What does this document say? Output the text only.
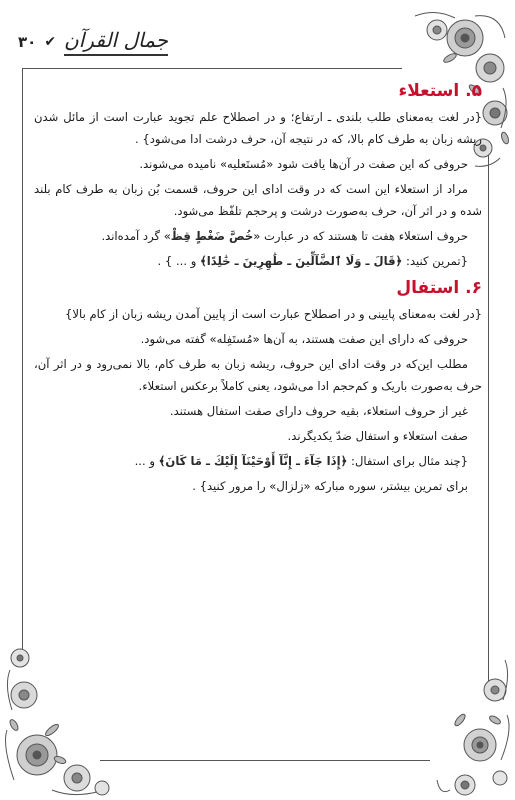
۳۰ ✔ جمال القرآن
۵. استعلاء

{در لغت به‌معنای طلب بلندی ـ ارتفاع؛ و در اصطلاح علم تجوید عبارت است از مائل شدن ریشه زبان به طرف کام بالا، که در نتیجه آن، حرف درشت ادا می‌شود} .

حروفی که این صفت در آن‌ها یافت شود «مُستَعلیه» نامیده می‌شوند.

مراد از استعلاء این است که در وقت ادای این حروف، قسمت بُن زبان به طرف کام بلند شده و در اثر آن، حرف به‌صورت درشت و پرحجم تلفّظ می‌شود.

حروف استعلاء هفت تا هستند که در عبارت «خُصَّ ضَغْطٍ قِظْ» گرد آمده‌اند.

{تمرین کنید: ﴿قَالَ ـ وَلَا ٱلضَّآلِّينَ ـ طَٰهِرِينَ ـ خَٰلِدًا﴾ و ... } .

۶. استفال

{در لغت به‌معنای پایینی و در اصطلاح عبارت است از پایین آمدن ریشه زبان از کام بالا}

حروفی که دارای این صفت هستند، به آن‌ها «مُستَفِله» گفته می‌شود.

مطلب این‌که در وقت ادای این حروف، ریشه زبان به طرف کام، بالا نمی‌رود و در اثر آن، حرف به‌صورت باریک و کم‌حجم ادا می‌شود، یعنی کاملاً برعکس استعلاء.

غیر از حروف استعلاء، بقیه حروف دارای صفت استفال هستند.

صفت استعلاء و استفال ضدّ یکدیگرند.

{چند مثال برای استفال: ﴿إِذَا جَآءَ ـ إِنَّآ أَوْحَيْنَآ إِلَيْكَ ـ مَا كَانَ﴾ و ...

برای تمرین بیشتر، سوره مبارکه «زلزال» را مرور کنید} .
